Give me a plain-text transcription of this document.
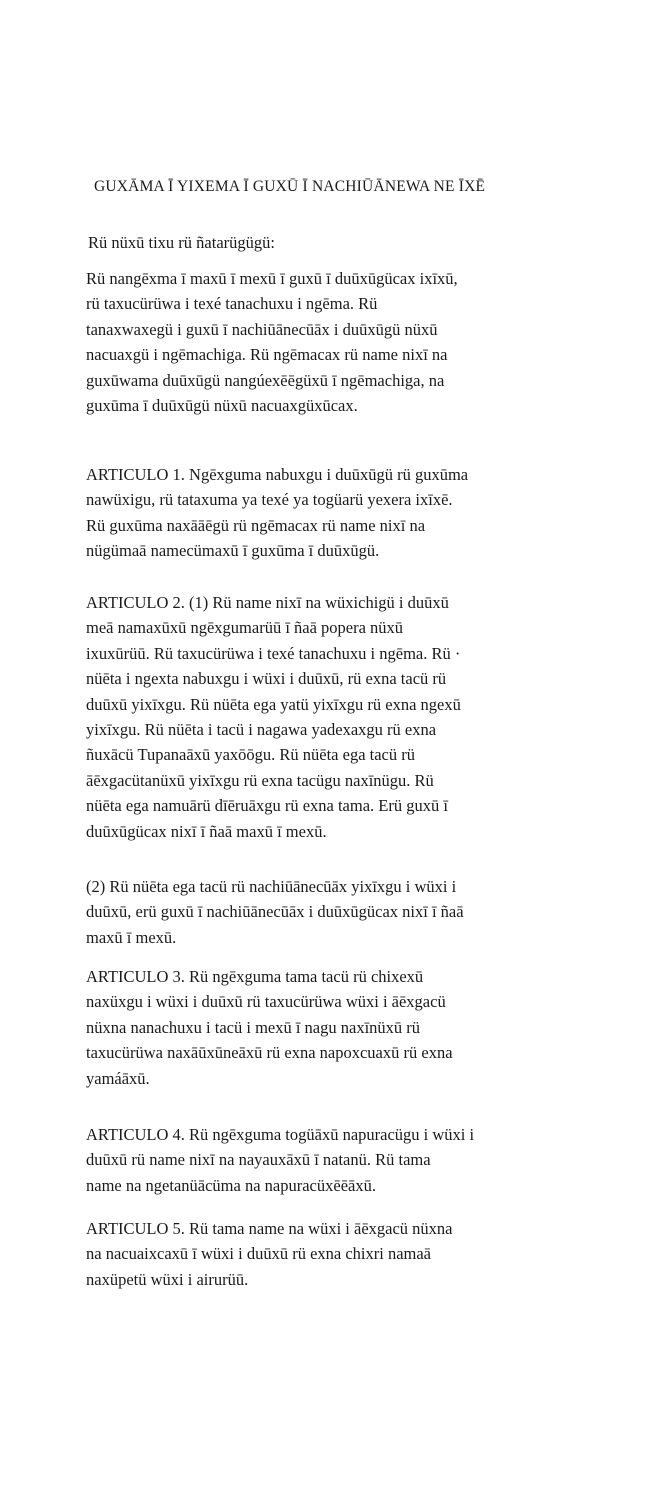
GUXĀMA Ī YIXEMA Ī GUXŪ Ī NACHIŪĀNEWA NE ĪXĒ

Rü nüxū tixu rü ñatarügügü:

Rü nangēxma ī maxū ī mexū ī guxū ī duūxūgücax ixīxū,
rü taxucürüwa i texé tanachuxu i ngēma. Rü
tanaxwaxegü i guxū ī nachiūānecūāx i duūxūgü nüxū
nacuaxgü i ngēmachiga. Rü ngēmacax rü name nixī na
guxūwama duūxūgü nangúexēēgüxū ī ngēmachiga, na
guxūma ī duūxūgü nüxū nacuaxgüxūcax.
ARTICULO 1. Ngēxguma nabuxgu i duūxūgü rü guxūma
nawüxigu, rü tataxuma ya texé ya togüarü yexera ixīxē.
Rü guxūma naxāāēgü rü ngēmacax rü name nixī na
nügümaā namecümaxū ī guxūma ī duūxūgü.
ARTICULO 2. (1) Rü name nixī na wüxichigü i duūxū
meā namaxūxū ngēxgumarüū ī ñaā popera nüxū
ixuxūrüū. Rü taxucürüwa i texé tanachuxu i ngēma. Rü ·
nüēta i ngexta nabuxgu i wüxi i duūxū, rü exna tacü rü
duūxū yixīxgu. Rü nüēta ega yatü yixīxgu rü exna ngexū
yixīxgu. Rü nüēta i tacü i nagawa yadexaxgu rü exna
ñuxācü Tupanaāxū yaxōōgu. Rü nüēta ega tacü rü
āēxgacütanüxū yixīxgu rü exna tacügu naxīnügu. Rü
nüēta ega namuārü dīēruāxgu rü exna tama. Erü guxū ī
duūxūgücax nixī ī ñaā maxū ī mexū.
(2) Rü nüēta ega tacü rü nachiūānecūāx yixīxgu i wüxi i
duūxū, erü guxū ī nachiūānecūāx i duūxūgücax nixī ī ñaā
maxū ī mexū.
ARTICULO 3. Rü ngēxguma tama tacü rü chixexū
naxüxgu i wüxi i duūxū rü taxucürüwa wüxi i āēxgacü
nüxna nanachuxu i tacü i mexū ī nagu naxīnüxū rü
taxucürüwa naxāūxūneāxū rü exna napoxcuaxū rü exna
yamáāxū.
ARTICULO 4. Rü ngēxguma togüāxū napuracügu i wüxi i
duūxū rü name nixī na nayauxāxū ī natanü. Rü tama
name na ngetanüācüma na napuracüxēēāxū.
ARTICULO 5. Rü tama name na wüxi i āēxgacü nüxna
na nacuaixcaxū ī wüxi i duūxū rü exna chixri namaā
naxüpetü wüxi i airurüū.
